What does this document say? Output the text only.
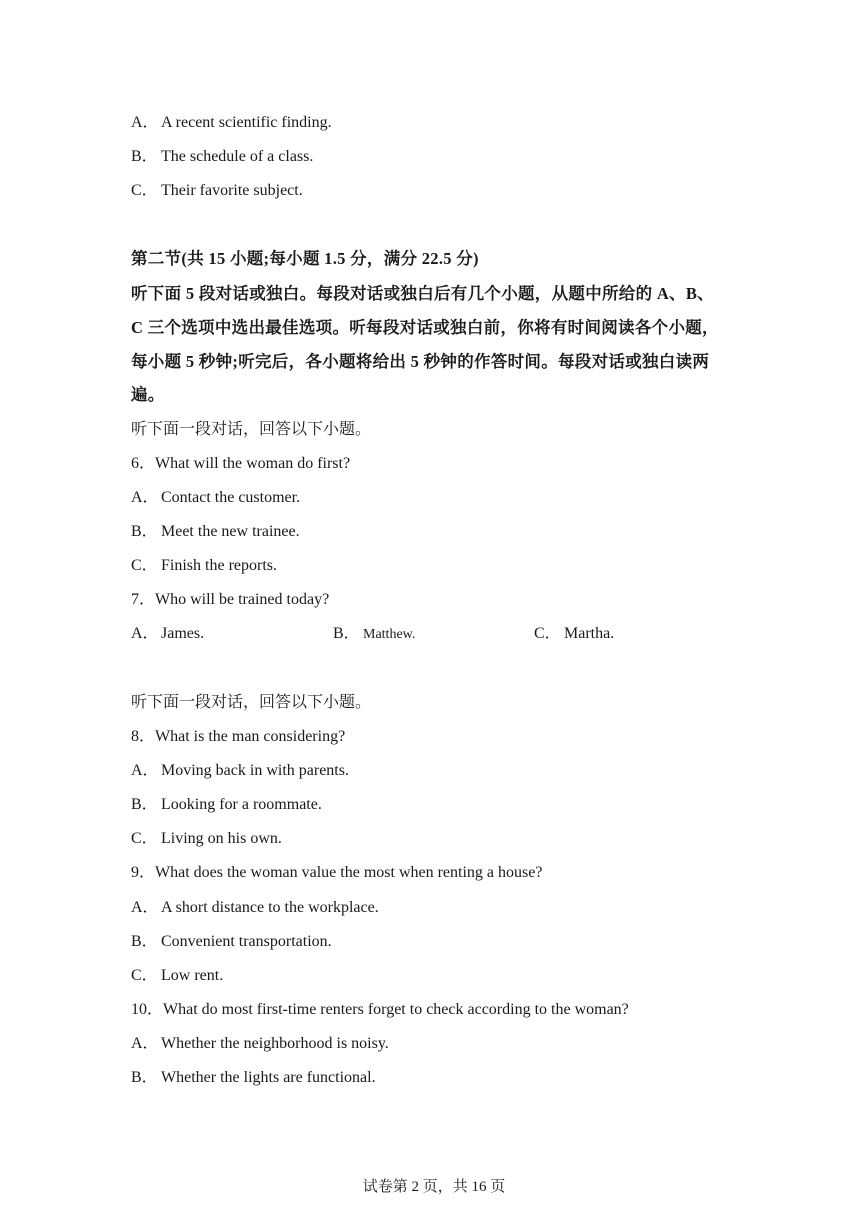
A． A recent scientific finding.
B． The schedule of a class.
C． Their favorite subject.
第二节(共 15 小题;每小题 1.5 分，满分 22.5 分)
听下面 5 段对话或独白。每段对话或独白后有几个小题，从题中所给的 A、B、
C 三个选项中选出最佳选项。听每段对话或独白前，你将有时间阅读各个小题，
每小题 5 秒钟;听完后，各小题将给出 5 秒钟的作答时间。每段对话或独白读两
遍。
听下面一段对话，回答以下小题。
6．What will the woman do first?
A． Contact the customer.
B． Meet the new trainee.
C． Finish the reports.
7．Who will be trained today?
A． James.	B． Matthew.	C． Martha.
听下面一段对话，回答以下小题。
8．What is the man considering?
A． Moving back in with parents.
B． Looking for a roommate.
C． Living on his own.
9．What does the woman value the most when renting a house?
A． A short distance to the workplace.
B． Convenient transportation.
C． Low rent.
10．What do most first-time renters forget to check according to the woman?
A． Whether the neighborhood is noisy.
B． Whether the lights are functional.
试卷第 2 页，共 16 页
